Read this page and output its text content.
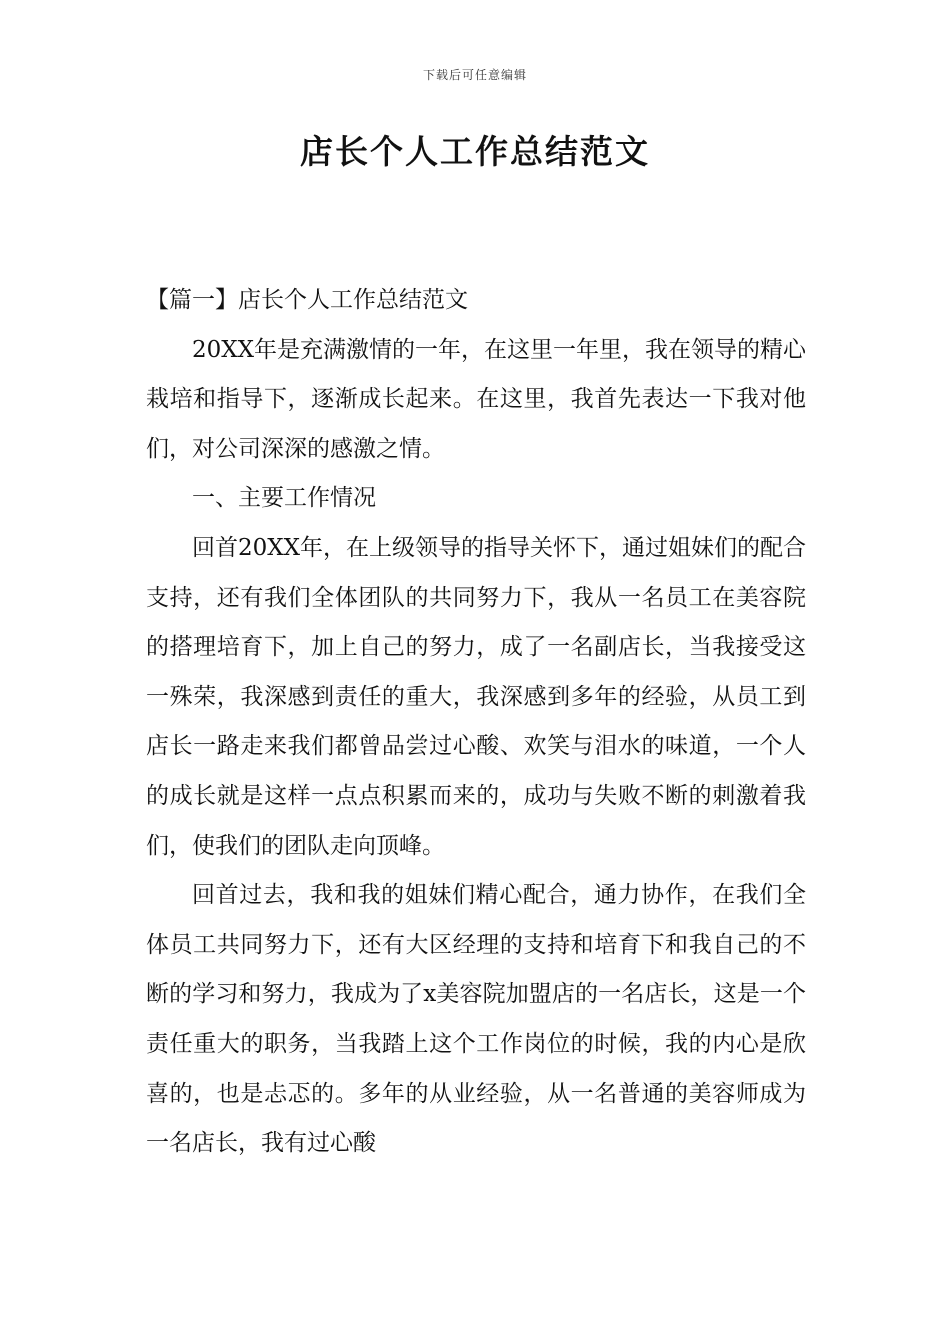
下载后可任意编辑
店长个人工作总结范文

【篇一】店长个人工作总结范文

20XX年是充满激情的一年，在这里一年里，我在领导的精心栽培和指导下，逐渐成长起来。在这里，我首先表达一下我对他们，对公司深深的感激之情。

一、主要工作情况

回首20XX年，在上级领导的指导关怀下，通过姐妹们的配合支持，还有我们全体团队的共同努力下，我从一名员工在美容院的搭理培育下，加上自己的努力，成了一名副店长，当我接受这一殊荣，我深感到责任的重大，我深感到多年的经验，从员工到店长一路走来我们都曾品尝过心酸、欢笑与泪水的味道，一个人的成长就是这样一点点积累而来的，成功与失败不断的刺激着我们，使我们的团队走向顶峰。

回首过去，我和我的姐妹们精心配合，通力协作，在我们全体员工共同努力下，还有大区经理的支持和培育下和我自己的不断的学习和努力，我成为了x美容院加盟店的一名店长，这是一个责任重大的职务，当我踏上这个工作岗位的时候，我的内心是欣喜的，也是忐忑的。多年的从业经验，从一名普通的美容师成为一名店长，我有过心酸
